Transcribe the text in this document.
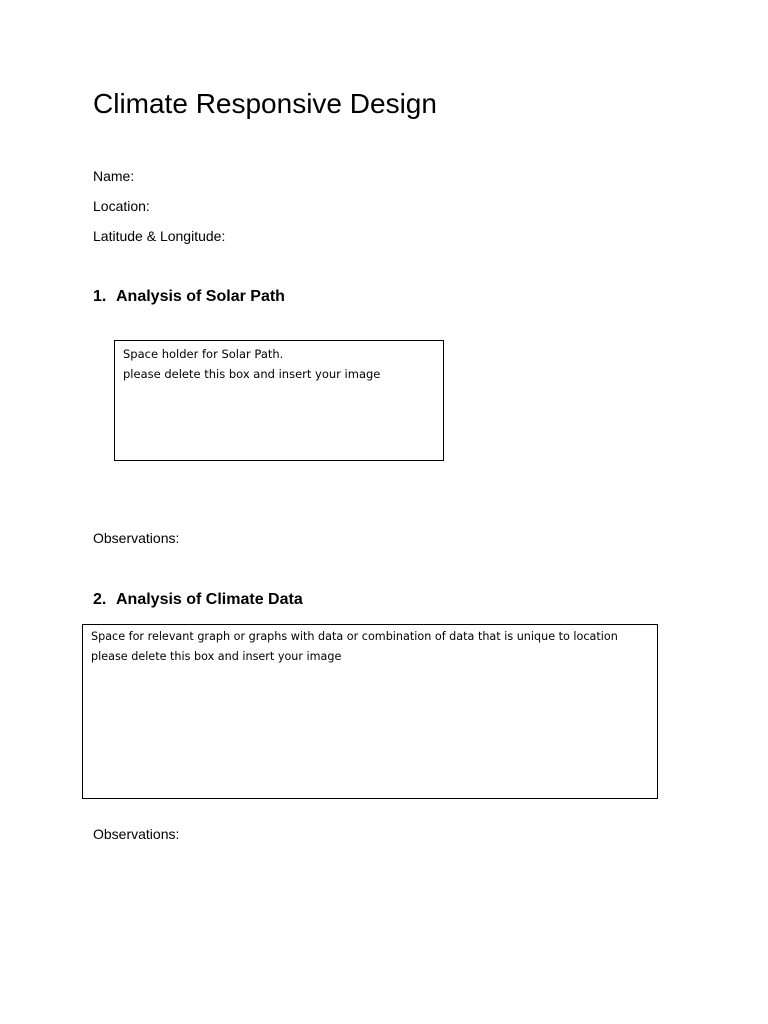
Climate Responsive Design
Name:
Location:
Latitude & Longitude:
1. Analysis of Solar Path
Space holder for Solar Path.
please delete this box and insert your image
Observations:
2. Analysis of Climate Data
Space for relevant graph or graphs with data or combination of data that is unique to location
please delete this box and insert your image
Observations:
